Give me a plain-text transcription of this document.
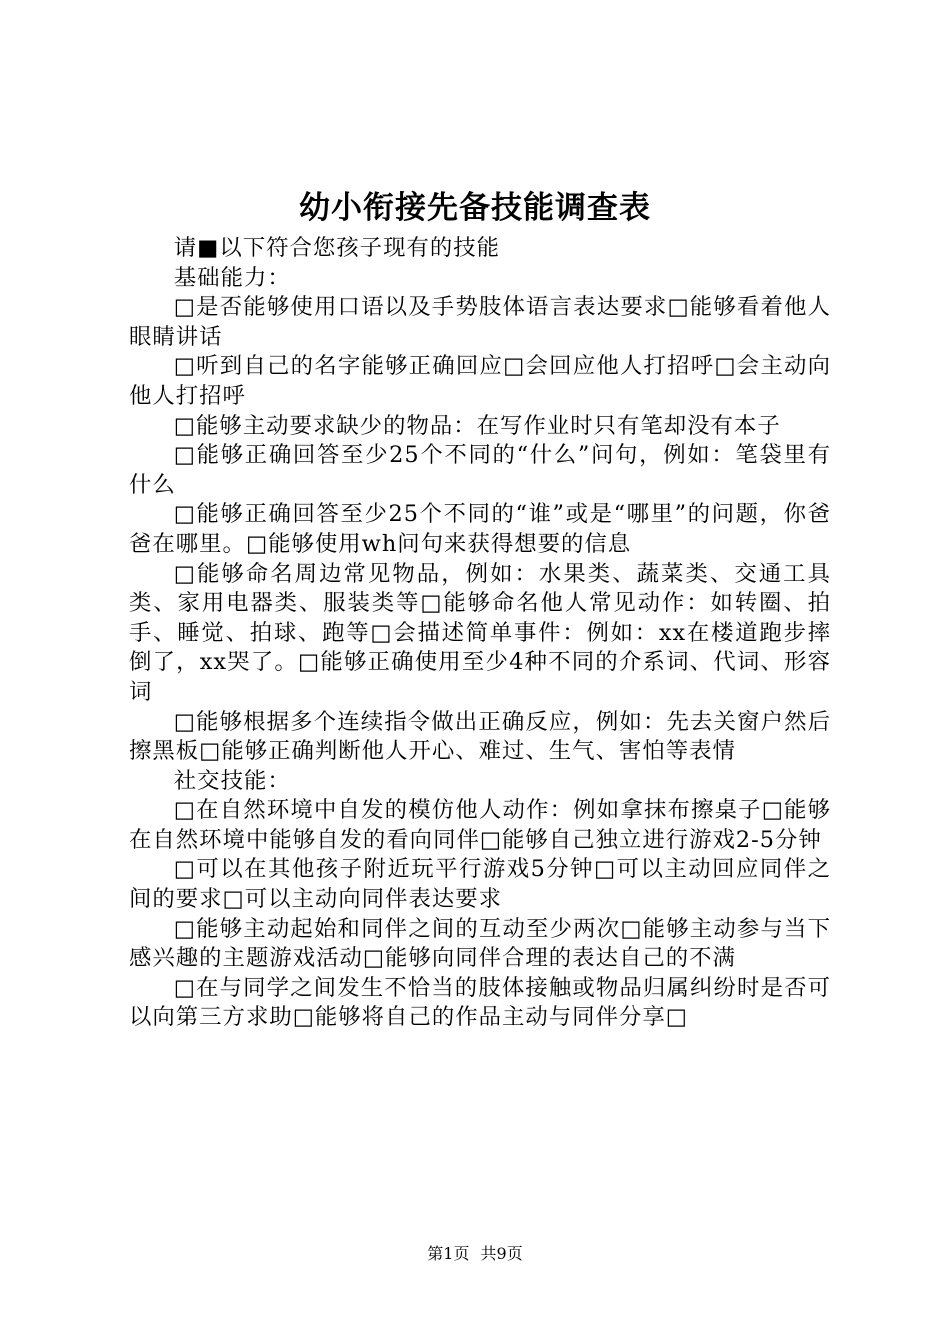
幼小衔接先备技能调查表

请■以下符合您孩子现有的技能

基础能力：

□是否能够使用口语以及手势肢体语言表达要求□能够看着他人眼睛讲话

□听到自己的名字能够正确回应□会回应他人打招呼□会主动向他人打招呼

□能够主动要求缺少的物品：在写作业时只有笔却没有本子

□能够正确回答至少25个不同的“什么”问句，例如：笔袋里有什么

□能够正确回答至少25个不同的“谁”或是“哪里”的问题，你爸爸在哪里。□能够使用wh问句来获得想要的信息

□能够命名周边常见物品，例如：水果类、蔬菜类、交通工具类、家用电器类、服装类等□能够命名他人常见动作：如转圈、拍手、睡觉、拍球、跑等□会描述简单事件：例如：xx在楼道跑步摔倒了，xx哭了。□能够正确使用至少4种不同的介系词、代词、形容词

□能够根据多个连续指令做出正确反应，例如：先去关窗户然后擦黑板□能够正确判断他人开心、难过、生气、害怕等表情

社交技能：

□在自然环境中自发的模仿他人动作：例如拿抹布擦桌子□能够在自然环境中能够自发的看向同伴□能够自己独立进行游戏2-5分钟

□可以在其他孩子附近玩平行游戏5分钟□可以主动回应同伴之间的要求□可以主动向同伴表达要求

□能够主动起始和同伴之间的互动至少两次□能够主动参与当下感兴趣的主题游戏活动□能够向同伴合理的表达自己的不满

□在与同学之间发生不恰当的肢体接触或物品归属纠纷时是否可以向第三方求助□能够将自己的作品主动与同伴分享□

第1页 共9页
